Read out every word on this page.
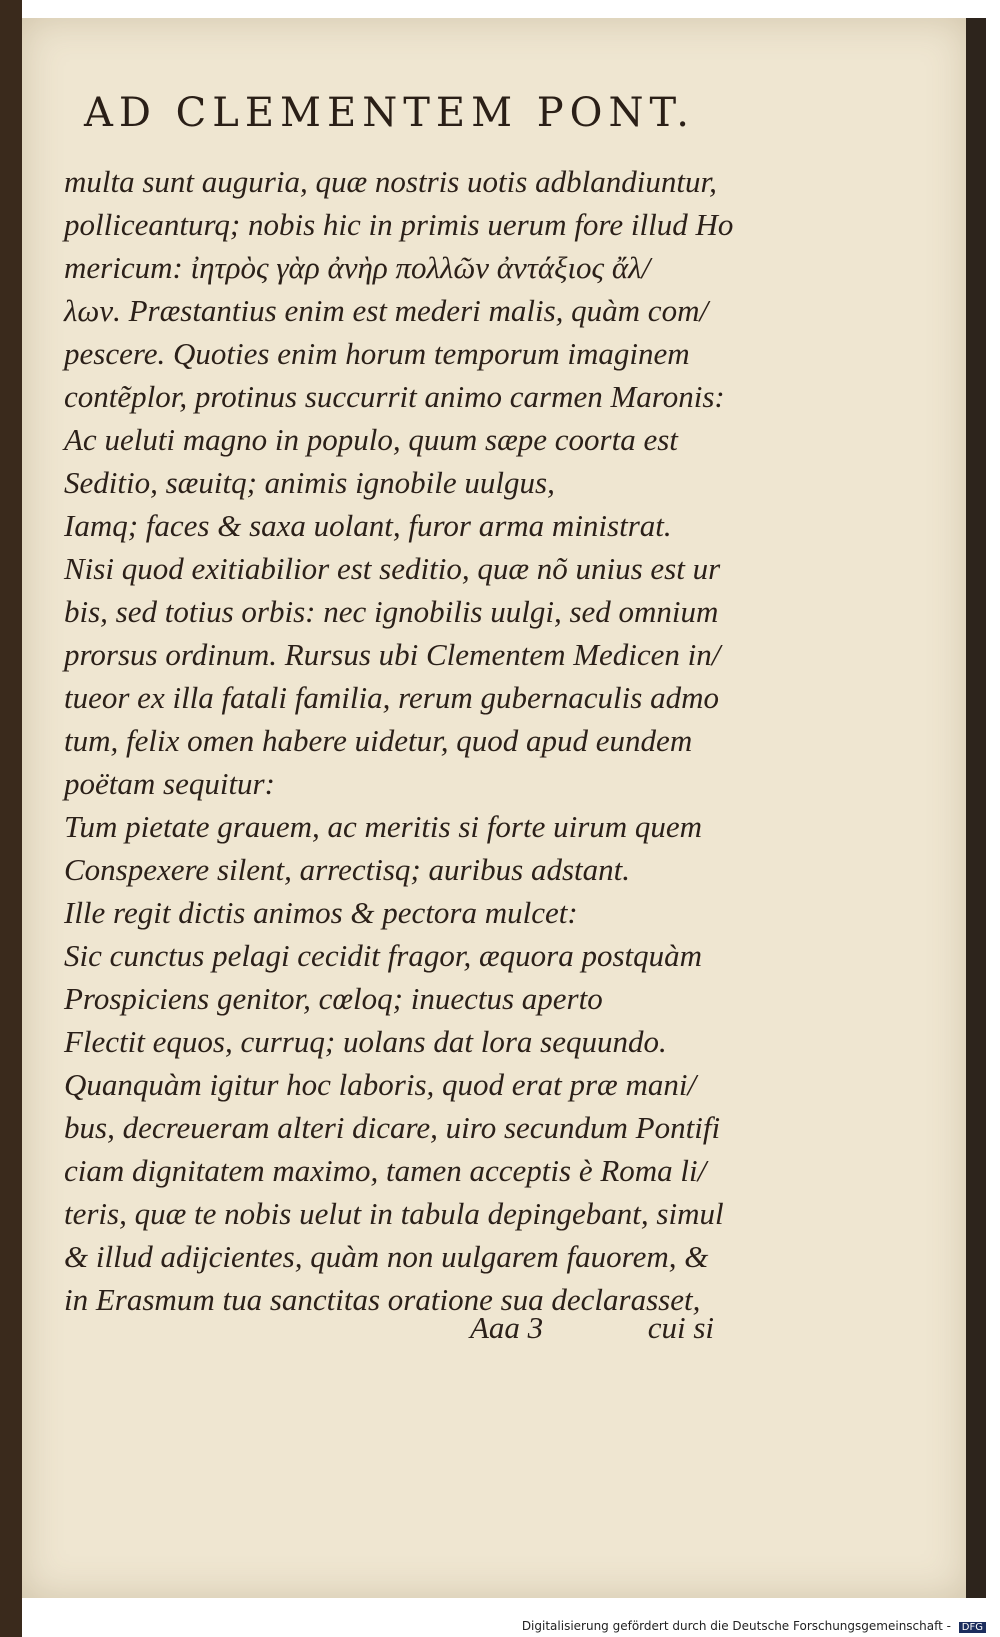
AD CLEMENTEM PONT.
multa sunt auguria, quæ nostris uotis adblandiuntur,
polliceanturq; nobis hic in primis uerum fore illud Ho
mericum: ἰητρὸς γὰρ ἀνὴρ πολλῶν ἀντάξιος ἄλ/
λων. Præstantius enim est mederi malis, quàm com/
pescere. Quoties enim horum temporum imaginem
contẽplor, protinus succurrit animo carmen Maronis:
Ac ueluti magno in populo, quum sæpe coorta est
Seditio, sæuitq; animis ignobile uulgus,
Iamq; faces & saxa uolant, furor arma ministrat.
Nisi quod exitiabilior est seditio, quæ nõ unius est ur
bis, sed totius orbis: nec ignobilis uulgi, sed omnium
prorsus ordinum. Rursus ubi Clementem Medicen in/
tueor ex illa fatali familia, rerum gubernaculis admo
tum, felix omen habere uidetur, quod apud eundem
poëtam sequitur:
Tum pietate grauem, ac meritis si forte uirum quem
Conspexere silent, arrectisq; auribus adstant.
Ille regit dictis animos & pectora mulcet:
Sic cunctus pelagi cecidit fragor, æquora postquàm
Prospiciens genitor, cœloq; inuectus aperto
Flectit equos, curruq; uolans dat lora sequundo.
Quanquàm igitur hoc laboris, quod erat præ mani/
bus, decreueram alteri dicare, uiro secundum Pontifi
ciam dignitatem maximo, tamen acceptis è Roma li/
teris, quæ te nobis uelut in tabula depingebant, simul
& illud adijcientes, quàm non uulgarem fauorem, &
in Erasmum tua sanctitas oratione sua declarasset,
Aaa 3	cui si
Digitalisierung gefördert durch die Deutsche Forschungsgemeinschaft - DFG
